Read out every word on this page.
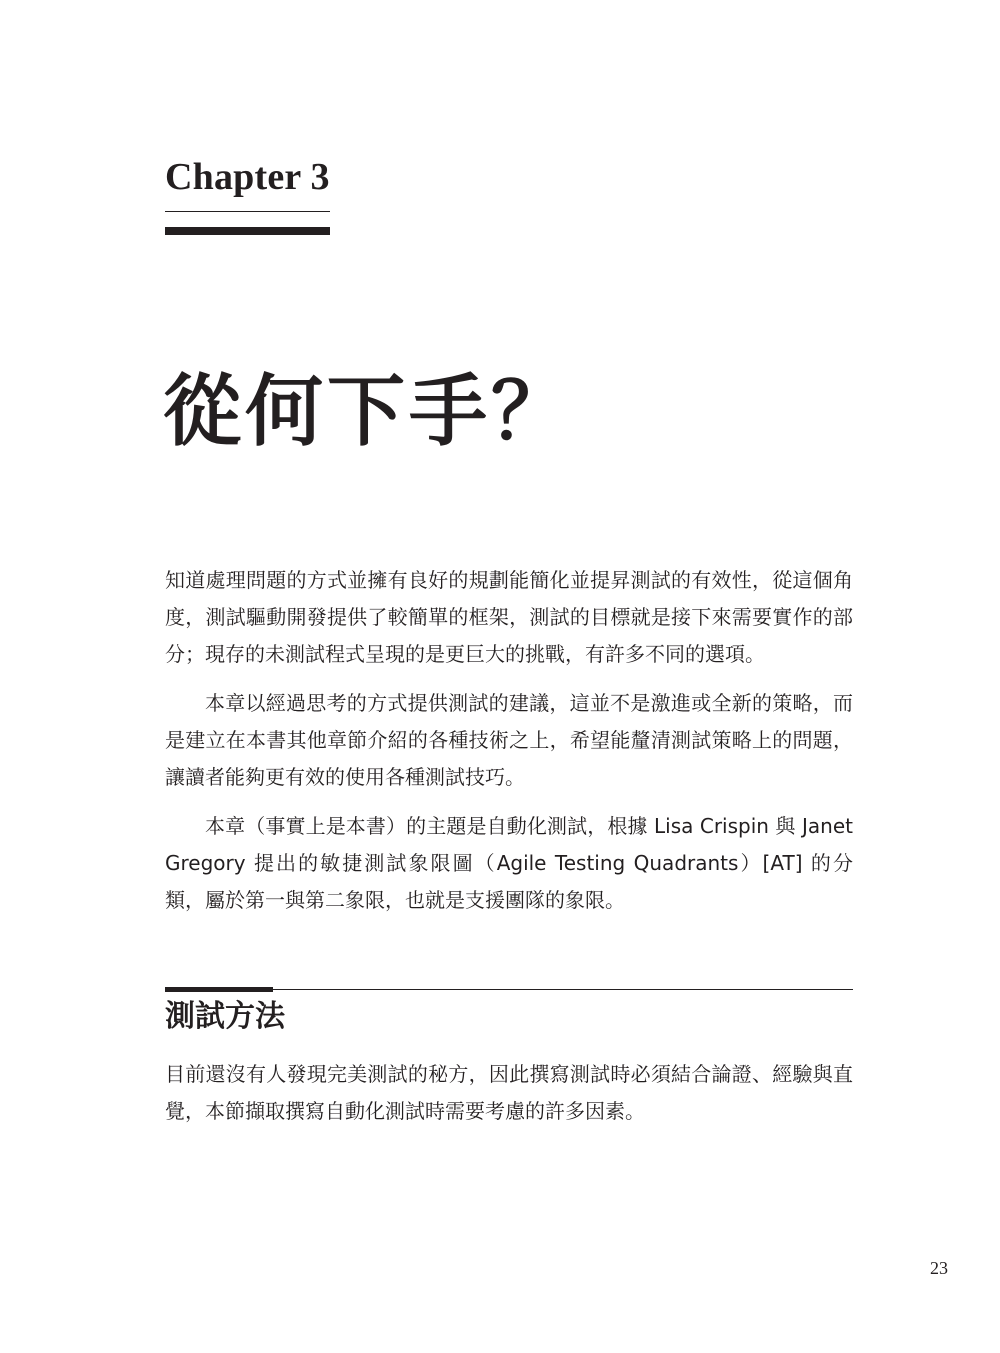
Chapter 3
從何下手？

知道處理問題的方式並擁有良好的規劃能簡化並提昇測試的有效性，從這個角度，測試驅動開發提供了較簡單的框架，測試的目標就是接下來需要實作的部分；現存的未測試程式呈現的是更巨大的挑戰，有許多不同的選項。

本章以經過思考的方式提供測試的建議，這並不是激進或全新的策略，而是建立在本書其他章節介紹的各種技術之上，希望能釐清測試策略上的問題，讓讀者能夠更有效的使用各種測試技巧。

本章（事實上是本書）的主題是自動化測試，根據 Lisa Crispin 與 Janet Gregory 提出的敏捷測試象限圖（Agile Testing Quadrants）[AT] 的分類，屬於第一與第二象限，也就是支援團隊的象限。

測試方法

目前還沒有人發現完美測試的秘方，因此撰寫測試時必須結合論證、經驗與直覺，本節擷取撰寫自動化測試時需要考慮的許多因素。

23
